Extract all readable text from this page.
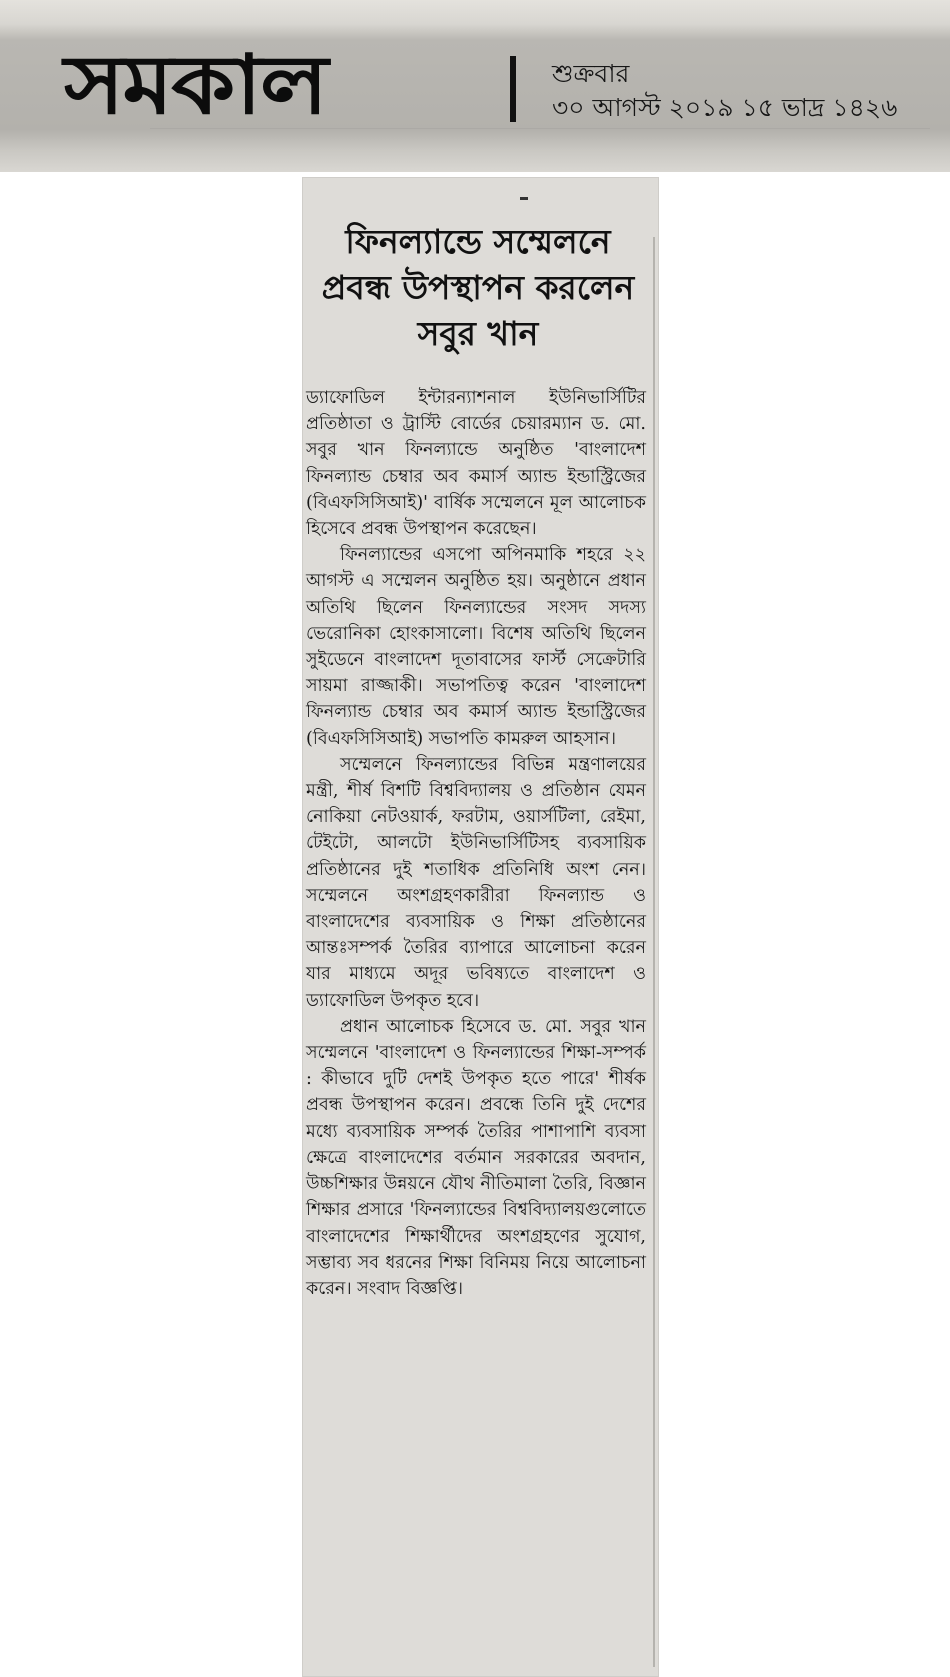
সমকাল	শুক্রবার
৩০ আগস্ট ২০১৯ ১৫ ভাদ্র ১৪২৬
ফিনল্যান্ডে সম্মেলনে প্রবন্ধ উপস্থাপন করলেন সবুর খান

ড্যাফোডিল ইন্টারন্যাশনাল ইউনিভার্সিটির প্রতিষ্ঠাতা ও ট্রাস্টি বোর্ডের চেয়ারম্যান ড. মো. সবুর খান ফিনল্যান্ডে অনুষ্ঠিত 'বাংলাদেশ ফিনল্যান্ড চেম্বার অব কমার্স অ্যান্ড ইন্ডাস্ট্রিজের (বিএফসিসিআই)' বার্ষিক সম্মেলনে মূল আলোচক হিসেবে প্রবন্ধ উপস্থাপন করেছেন।

ফিনল্যান্ডের এসপো অপিনমাকি শহরে ২২ আগস্ট এ সম্মেলন অনুষ্ঠিত হয়। অনুষ্ঠানে প্রধান অতিথি ছিলেন ফিনল্যান্ডের সংসদ সদস্য ভেরোনিকা হোংকাসালো। বিশেষ অতিথি ছিলেন সুইডেনে বাংলাদেশ দূতাবাসের ফার্স্ট সেক্রেটারি সায়মা রাজ্জাকী। সভাপতিত্ব করেন 'বাংলাদেশ ফিনল্যান্ড চেম্বার অব কমার্স অ্যান্ড ইন্ডাস্ট্রিজের (বিএফসিসিআই) সভাপতি কামরুল আহসান।

সম্মেলনে ফিনল্যান্ডের বিভিন্ন মন্ত্রণালয়ের মন্ত্রী, শীর্ষ বিশটি বিশ্ববিদ্যালয় ও প্রতিষ্ঠান যেমন নোকিয়া নেটওয়ার্ক, ফরটাম, ওয়ার্সটিলা, রেইমা, টেইটো, আলটো ইউনিভার্সিটিসহ ব্যবসায়িক প্রতিষ্ঠানের দুই শতাধিক প্রতিনিধি অংশ নেন। সম্মেলনে অংশগ্রহণকারীরা ফিনল্যান্ড ও বাংলাদেশের ব্যবসায়িক ও শিক্ষা প্রতিষ্ঠানের আন্তঃসম্পর্ক তৈরির ব্যাপারে আলোচনা করেন যার মাধ্যমে অদূর ভবিষ্যতে বাংলাদেশ ও ড্যাফোডিল উপকৃত হবে।

প্রধান আলোচক হিসেবে ড. মো. সবুর খান সম্মেলনে 'বাংলাদেশ ও ফিনল্যান্ডের শিক্ষা-সম্পর্ক : কীভাবে দুটি দেশই উপকৃত হতে পারে' শীর্ষক প্রবন্ধ উপস্থাপন করেন। প্রবন্ধে তিনি দুই দেশের মধ্যে ব্যবসায়িক সম্পর্ক তৈরির পাশাপাশি ব্যবসা ক্ষেত্রে বাংলাদেশের বর্তমান সরকারের অবদান, উচ্চশিক্ষার উন্নয়নে যৌথ নীতিমালা তৈরি, বিজ্ঞান শিক্ষার প্রসারে 'ফিনল্যান্ডের বিশ্ববিদ্যালয়গুলোতে বাংলাদেশের শিক্ষার্থীদের অংশগ্রহণের সুযোগ, সম্ভাব্য সব ধরনের শিক্ষা বিনিময় নিয়ে আলোচনা করেন। সংবাদ বিজ্ঞপ্তি।
